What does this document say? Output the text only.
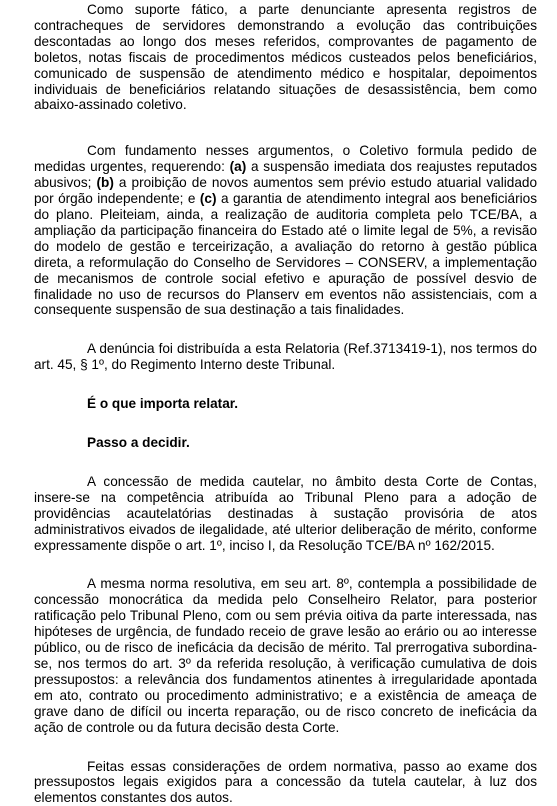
Como suporte fático, a parte denunciante apresenta registros de contracheques de servidores demonstrando a evolução das contribuições descontadas ao longo dos meses referidos, comprovantes de pagamento de boletos, notas fiscais de procedimentos médicos custeados pelos beneficiários, comunicado de suspensão de atendimento médico e hospitalar, depoimentos individuais de beneficiários relatando situações de desassistência, bem como abaixo-assinado coletivo.

Com fundamento nesses argumentos, o Coletivo formula pedido de medidas urgentes, requerendo: (a) a suspensão imediata dos reajustes reputados abusivos; (b) a proibição de novos aumentos sem prévio estudo atuarial validado por órgão independente; e (c) a garantia de atendimento integral aos beneficiários do plano. Pleiteiam, ainda, a realização de auditoria completa pelo TCE/BA, a ampliação da participação financeira do Estado até o limite legal de 5%, a revisão do modelo de gestão e terceirização, a avaliação do retorno à gestão pública direta, a reformulação do Conselho de Servidores – CONSERV, a implementação de mecanismos de controle social efetivo e apuração de possível desvio de finalidade no uso de recursos do Planserv em eventos não assistenciais, com a consequente suspensão de sua destinação a tais finalidades.

A denúncia foi distribuída a esta Relatoria (Ref.3713419-1), nos termos do art. 45, § 1º, do Regimento Interno deste Tribunal.

É o que importa relatar.

Passo a decidir.

A concessão de medida cautelar, no âmbito desta Corte de Contas, insere-se na competência atribuída ao Tribunal Pleno para a adoção de providências acautelatórias destinadas à sustação provisória de atos administrativos eivados de ilegalidade, até ulterior deliberação de mérito, conforme expressamente dispõe o art. 1º, inciso I, da Resolução TCE/BA nº 162/2015.

A mesma norma resolutiva, em seu art. 8º, contempla a possibilidade de concessão monocrática da medida pelo Conselheiro Relator, para posterior ratificação pelo Tribunal Pleno, com ou sem prévia oitiva da parte interessada, nas hipóteses de urgência, de fundado receio de grave lesão ao erário ou ao interesse público, ou de risco de ineficácia da decisão de mérito. Tal prerrogativa subordina-se, nos termos do art. 3º da referida resolução, à verificação cumulativa de dois pressupostos: a relevância dos fundamentos atinentes à irregularidade apontada em ato, contrato ou procedimento administrativo; e a existência de ameaça de grave dano de difícil ou incerta reparação, ou de risco concreto de ineficácia da ação de controle ou da futura decisão desta Corte.

Feitas essas considerações de ordem normativa, passo ao exame dos pressupostos legais exigidos para a concessão da tutela cautelar, à luz dos elementos constantes dos autos.
